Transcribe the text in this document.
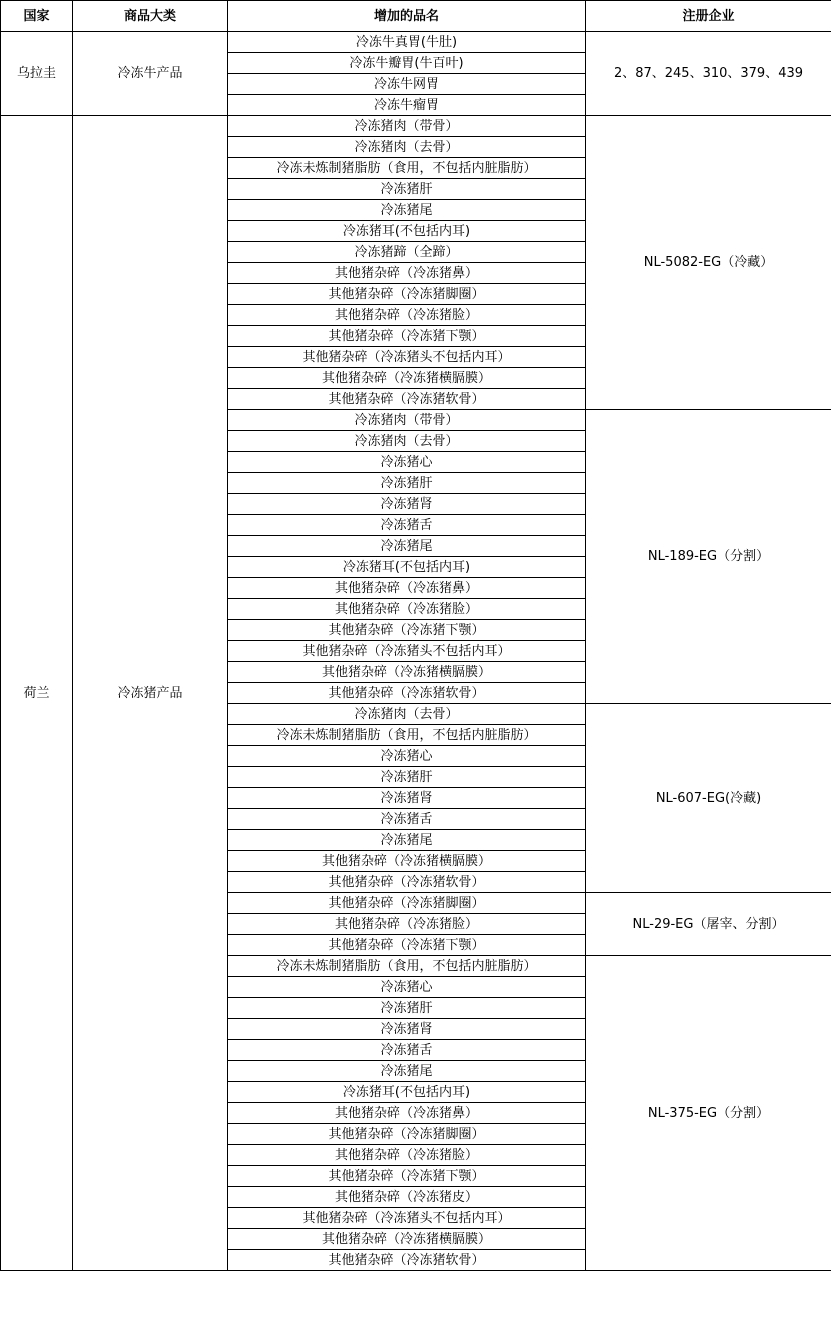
国家	商品大类	增加的品名	注册企业
乌拉圭	冷冻牛产品	冷冻牛真胃(牛肚)	2、87、245、310、379、439
		冷冻牛瓣胃(牛百叶)	
		冷冻牛网胃	
		冷冻牛瘤胃	
荷兰	冷冻猪产品	冷冻猪肉（带骨）	NL-5082-EG（冷藏）
		冷冻猪肉（去骨）	
		冷冻未炼制猪脂肪（食用，不包括内脏脂肪）	
		冷冻猪肝	
		冷冻猪尾	
		冷冻猪耳(不包括内耳)	
		冷冻猪蹄（全蹄）	
		其他猪杂碎（冷冻猪鼻）	
		其他猪杂碎（冷冻猪脚圈）	
		其他猪杂碎（冷冻猪脸）	
		其他猪杂碎（冷冻猪下颚）	
		其他猪杂碎（冷冻猪头不包括内耳）	
		其他猪杂碎（冷冻猪横膈膜）	
		其他猪杂碎（冷冻猪软骨）	
		冷冻猪肉（带骨）	NL-189-EG（分割）
		冷冻猪肉（去骨）	
		冷冻猪心	
		冷冻猪肝	
		冷冻猪肾	
		冷冻猪舌	
		冷冻猪尾	
		冷冻猪耳(不包括内耳)	
		其他猪杂碎（冷冻猪鼻）	
		其他猪杂碎（冷冻猪脸）	
		其他猪杂碎（冷冻猪下颚）	
		其他猪杂碎（冷冻猪头不包括内耳）	
		其他猪杂碎（冷冻猪横膈膜）	
		其他猪杂碎（冷冻猪软骨）	
		冷冻猪肉（去骨）	NL-607-EG(冷藏)
		冷冻未炼制猪脂肪（食用，不包括内脏脂肪）	
		冷冻猪心	
		冷冻猪肝	
		冷冻猪肾	
		冷冻猪舌	
		冷冻猪尾	
		其他猪杂碎（冷冻猪横膈膜）	
		其他猪杂碎（冷冻猪软骨）	
		其他猪杂碎（冷冻猪脚圈）	NL-29-EG（屠宰、分割）
		其他猪杂碎（冷冻猪脸）	
		其他猪杂碎（冷冻猪下颚）	
		冷冻未炼制猪脂肪（食用，不包括内脏脂肪）	NL-375-EG（分割）
		冷冻猪心	
		冷冻猪肝	
		冷冻猪肾	
		冷冻猪舌	
		冷冻猪尾	
		冷冻猪耳(不包括内耳)	
		其他猪杂碎（冷冻猪鼻）	
		其他猪杂碎（冷冻猪脚圈）	
		其他猪杂碎（冷冻猪脸）	
		其他猪杂碎（冷冻猪下颚）	
		其他猪杂碎（冷冻猪皮）	
		其他猪杂碎（冷冻猪头不包括内耳）	
		其他猪杂碎（冷冻猪横膈膜）	
		其他猪杂碎（冷冻猪软骨）	
